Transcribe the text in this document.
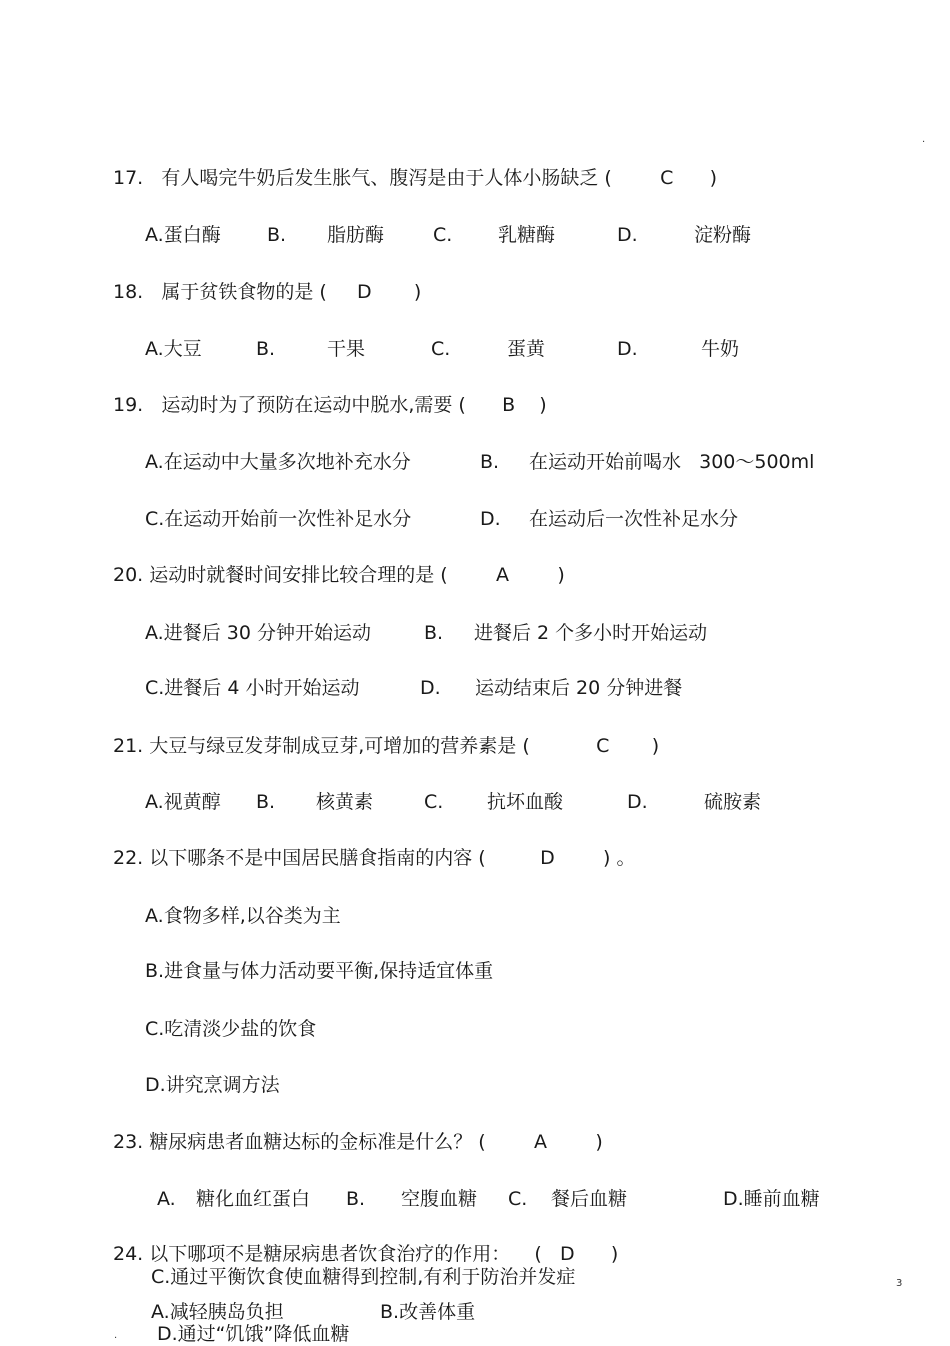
.
17.   有人喝完牛奶后发生胀气、腹泻是由于人体小肠缺乏 (        C      )
A.蛋白酶 B. 脂肪酶	C. 乳糖酶	D.	淀粉酶
18.   属于贫铁食物的是 (     D       )
A.大豆	B.	干果	C.	蛋黄	D.	牛奶
19.   运动时为了预防在运动中脱水,需要 (      B    )
A.在运动中大量多次地补充水分	B. 在运动开始前喝水   300～500ml
C.在运动开始前一次性补足水分	D. 在运动后一次性补足水分
20. 运动时就餐时间安排比较合理的是 (        A        )
A.进餐后 30 分钟开始运动	B. 进餐后 2 个多小时开始运动
C.进餐后 4 小时开始运动	D. 运动结束后 20 分钟进餐
21. 大豆与绿豆发芽制成豆芽,可增加的营养素是 (           C       )
A.视黄醇 B. 核黄素	C. 抗坏血酸	D.	硫胺素
22. 以下哪条不是中国居民膳食指南的内容 (         D        ) 。
A.食物多样,以谷类为主
B.进食量与体力活动要平衡,保持适宜体重
C.吃清淡少盐的饮食
D.讲究烹调方法
23. 糖尿病患者血糖达标的金标准是什么？ (        A        )
A. 糖化血红蛋白 B. 空腹血糖 C. 餐后血糖	D.睡前血糖
24. 以下哪项不是糖尿病患者饮食治疗的作用：    (   D      )
C.通过平衡饮食使血糖得到控制,有利于防治并发症
A.减轻胰岛负担	B.改善体重
D.通过“饥饿”降低血糖
3
.
